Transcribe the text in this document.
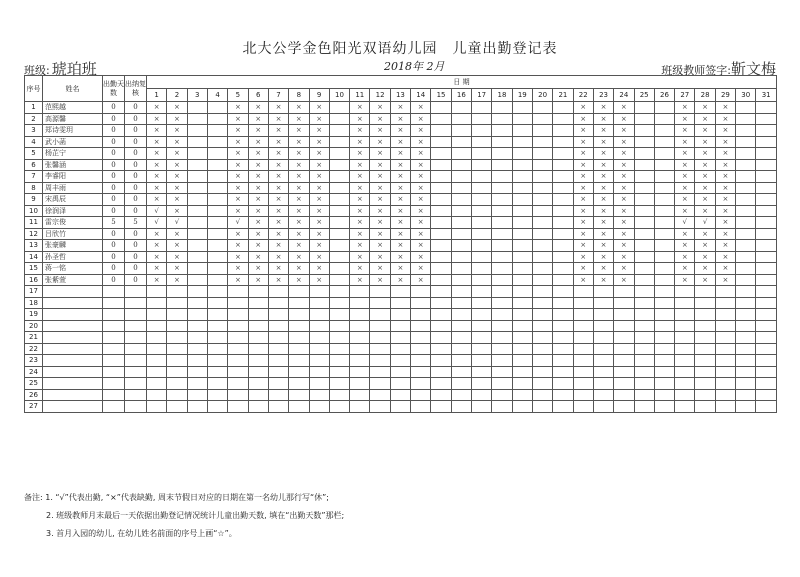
北大公学金色阳光双语幼儿园　儿童出勤登记表
班级: 琥珀班	2018年 2月	班级教师签字:靳文梅
序号	姓名	出勤天数	出纳复核	日 期																														
				1	2	3	4	5	6	7	8	9	10	11	12	13	14	15	16	17	18	19	20	21	22	23	24	25	26	27	28	29	30	31
1	范熙越	0	0	×	×			×	×	×	×	×		×	×	×	×								×	×	×			×	×	×		
2	高源馨	0	0	×	×			×	×	×	×	×		×	×	×	×								×	×	×			×	×	×		
3	郑诗雯玥	0	0	×	×			×	×	×	×	×		×	×	×	×								×	×	×			×	×	×		
4	武小菡	0	0	×	×			×	×	×	×	×		×	×	×	×								×	×	×			×	×	×		
5	杨芷宁	0	0	×	×			×	×	×	×	×		×	×	×	×								×	×	×			×	×	×		
6	张馨涵	0	0	×	×			×	×	×	×	×		×	×	×	×								×	×	×			×	×	×		
7	李睿阳	0	0	×	×			×	×	×	×	×		×	×	×	×								×	×	×			×	×	×		
8	周丰雨	0	0	×	×			×	×	×	×	×		×	×	×	×								×	×	×			×	×	×		
9	宋禹辰	0	0	×	×			×	×	×	×	×		×	×	×	×								×	×	×			×	×	×		
10	徐润泽	0	0	√	×			×	×	×	×	×		×	×	×	×								×	×	×			×	×	×		
11	雷宗俊	5	5	√	√			√	×	×	×	×		×	×	×	×								×	×	×			√	√	×		
12	吕欣竹	0	0	×	×			×	×	×	×	×		×	×	×	×								×	×	×			×	×	×		
13	张豪麟	0	0	×	×			×	×	×	×	×		×	×	×	×								×	×	×			×	×	×		
14	孙圣哲	0	0	×	×			×	×	×	×	×		×	×	×	×								×	×	×			×	×	×		
15	蒋一铭	0	0	×	×			×	×	×	×	×		×	×	×	×								×	×	×			×	×	×		
16	张紫萱	0	0	×	×			×	×	×	×	×		×	×	×	×								×	×	×			×	×	×		
17																																		
18																																		
19																																		
20																																		
21																																		
22																																		
23																																		
24																																		
25																																		
26																																		
27																																		
备注: 1. “√”代表出勤, “×”代表缺勤, 周末节假日对应的日期在第一名幼儿那行写“休”;
2. 班级教师月末最后一天依据出勤登记情况统计儿童出勤天数, 填在“出勤天数”那栏;
3. 首月入园的幼儿, 在幼儿姓名前面的序号上画“☆”。
